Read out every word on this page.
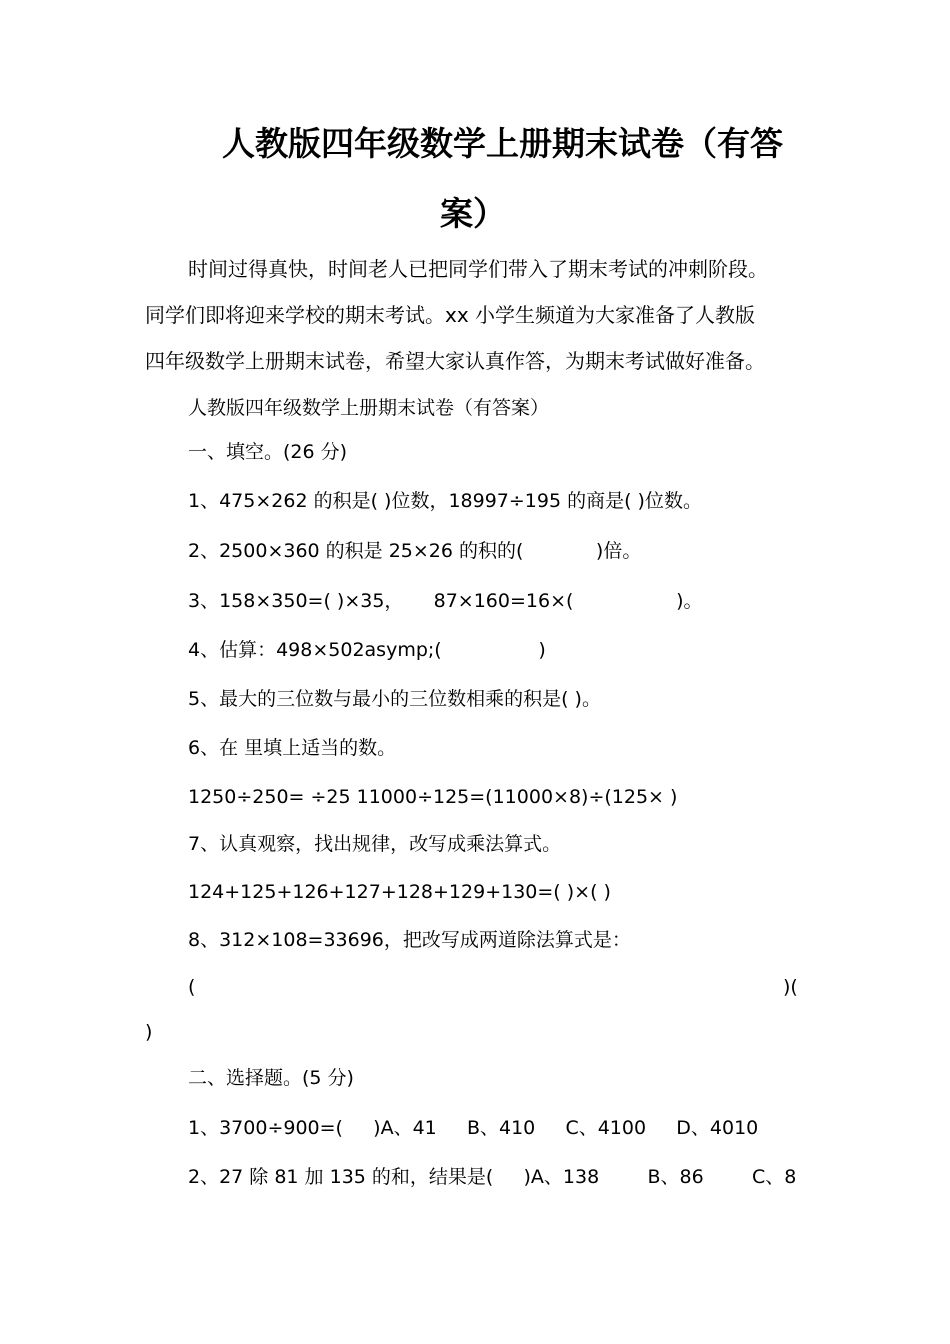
人教版四年级数学上册期末试卷（有答
案）
时间过得真快，时间老人已把同学们带入了期末考试的冲刺阶段。
同学们即将迎来学校的期末考试。xx 小学生频道为大家准备了人教版
四年级数学上册期末试卷，希望大家认真作答，为期末考试做好准备。
人教版四年级数学上册期末试卷（有答案）
一、填空。(26 分)
1、475×262 的积是( )位数，18997÷195 的商是( )位数。
2、2500×360 的积是 25×26 的积的(            )倍。
3、158×350=( )×35，     87×160=16×(                 )。
4、估算：498×502asymp;(                )
5、最大的三位数与最小的三位数相乘的积是( )。
6、在 里填上适当的数。
1250÷250= ÷25 11000÷125=(11000×8)÷(125× )
7、认真观察，找出规律，改写成乘法算式。
124+125+126+127+128+129+130=( )×( )
8、312×108=33696，把改写成两道除法算式是：
(	)(
)
二、选择题。(5 分)
1、3700÷900=(     )A、41     B、410     C、4100     D、4010
2、27 除 81 加 135 的和，结果是(     )A、138        B、86        C、8
